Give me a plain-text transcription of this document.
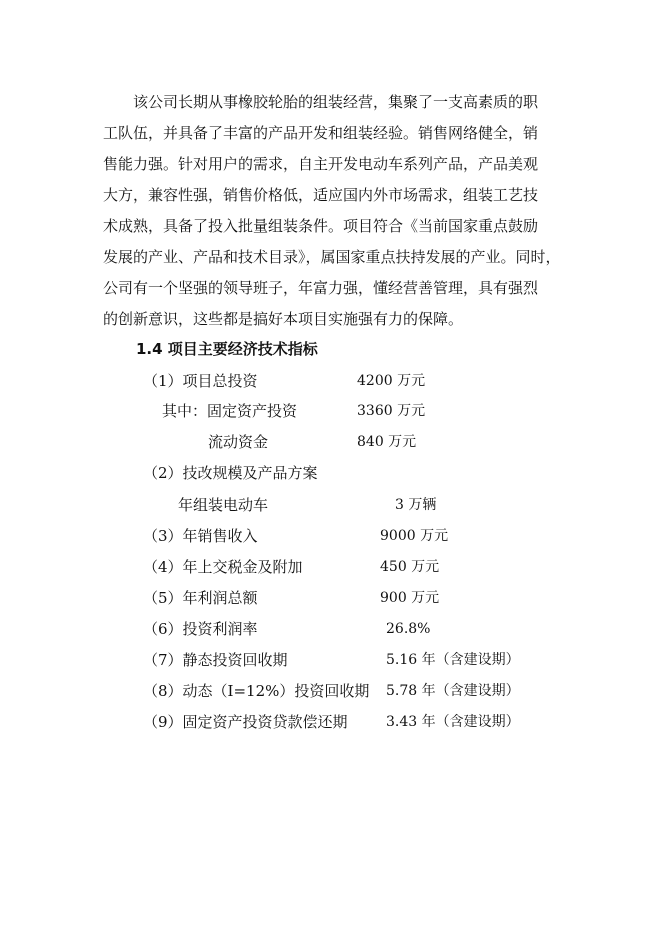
该公司长期从事橡胶轮胎的组装经营，集聚了一支高素质的职
工队伍，并具备了丰富的产品开发和组装经验。销售网络健全，销
售能力强。针对用户的需求，自主开发电动车系列产品，产品美观
大方，兼容性强，销售价格低，适应国内外市场需求，组装工艺技
术成熟，具备了投入批量组装条件。项目符合《当前国家重点鼓励
发展的产业、产品和技术目录》，属国家重点扶持发展的产业。同时，
公司有一个坚强的领导班子，年富力强，懂经营善管理，具有强烈
的创新意识，这些都是搞好本项目实施强有力的保障。
1.4 项目主要经济技术指标
（1）项目总投资	4200 万元
其中：固定资产投资	3360 万元
流动资金	840 万元
（2）技改规模及产品方案
年组装电动车	3 万辆
（3）年销售收入	9000 万元
（4）年上交税金及附加	450 万元
（5）年利润总额	900 万元
（6）投资利润率	26.8%
（7）静态投资回收期	5.16 年（含建设期）
（8）动态（I=12%）投资回收期 5.78 年（含建设期）
（9）固定资产投资贷款偿还期	3.43 年（含建设期）
